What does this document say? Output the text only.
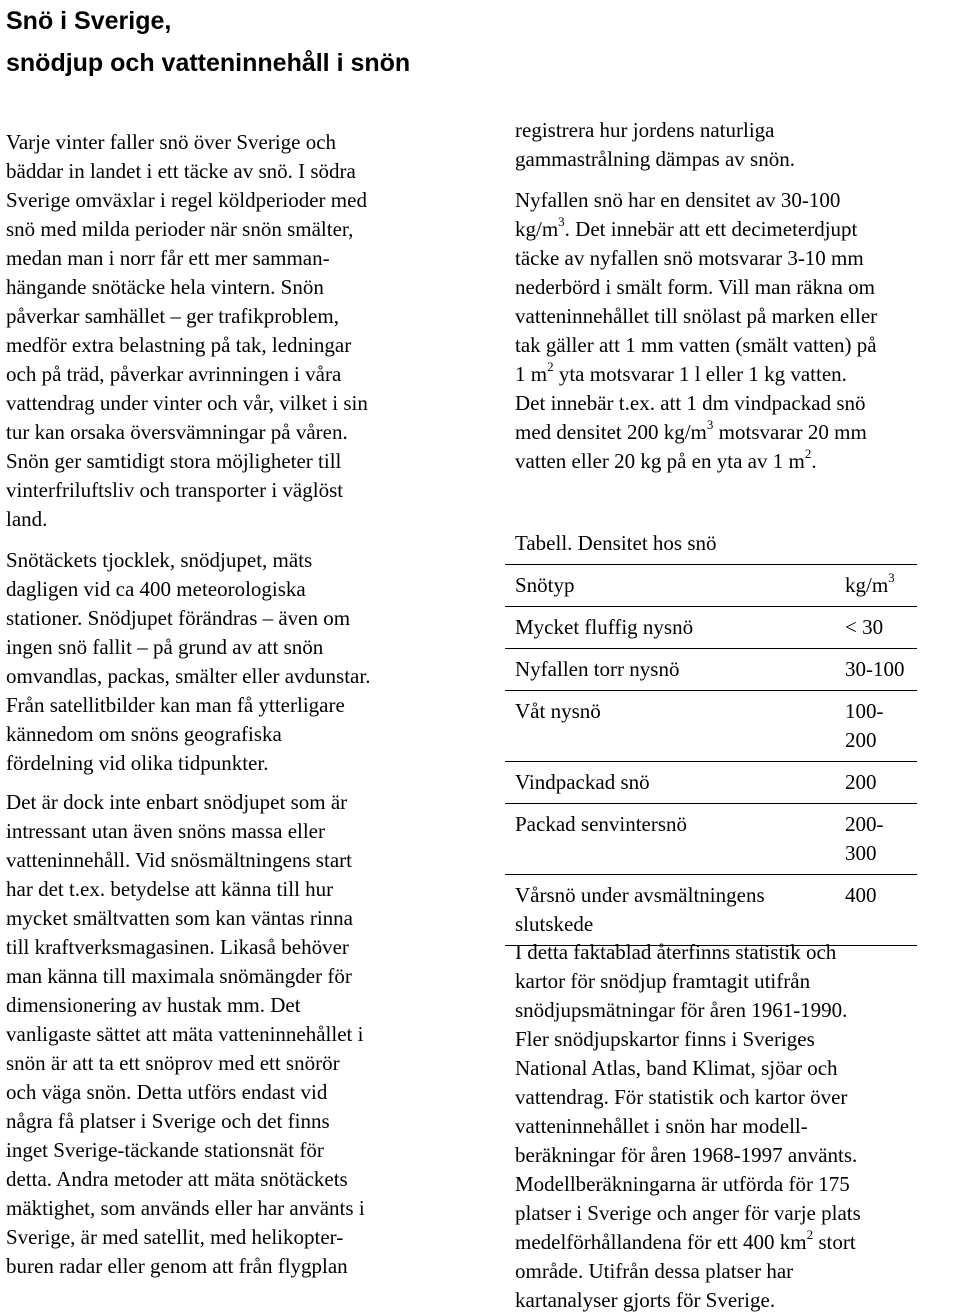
Snö i Sverige,
snödjup och vatteninnehåll i snön

Varje vinter faller snö över Sverige och
bäddar in landet i ett täcke av snö. I södra
Sverige omväxlar i regel köldperioder med
snö med milda perioder när snön smälter,
medan man i norr får ett mer samman-
hängande snötäcke hela vintern. Snön
påverkar samhället – ger trafikproblem,
medför extra belastning på tak, ledningar
och på träd, påverkar avrinningen i våra
vattendrag under vinter och vår, vilket i sin
tur kan orsaka översvämningar på våren.
Snön ger samtidigt stora möjligheter till
vinterfriluftsliv och transporter i väglöst
land.

Snötäckets tjocklek, snödjupet, mäts
dagligen vid ca 400 meteorologiska
stationer. Snödjupet förändras – även om
ingen snö fallit – på grund av att snön
omvandlas, packas, smälter eller avdunstar.
Från satellitbilder kan man få ytterligare
kännedom om snöns geografiska
fördelning vid olika tidpunkter.

Det är dock inte enbart snödjupet som är
intressant utan även snöns massa eller
vatteninnehåll. Vid snösmältningens start
har det t.ex. betydelse att känna till hur
mycket smältvatten som kan väntas rinna
till kraftverksmagasinen. Likaså behöver
man känna till maximala snömängder för
dimensionering av hustak mm. Det
vanligaste sättet att mäta vatteninnehållet i
snön är att ta ett snöprov med ett snörör
och väga snön. Detta utförs endast vid
några få platser i Sverige och det finns
inget Sverige-täckande stationsnät för
detta. Andra metoder att mäta snötäckets
mäktighet, som används eller har använts i
Sverige, är med satellit, med helikopter-
buren radar eller genom att från flygplan

registrera hur jordens naturliga
gammastrålning dämpas av snön.

Nyfallen snö har en densitet av 30-100
$kg/m^3$. Det innebär att ett decimeterdjupt
täcke av nyfallen snö motsvarar 3-10 mm
nederbörd i smält form. Vill man räkna om
vatteninnehållet till snölast på marken eller
tak gäller att 1 mm vatten (smält vatten) på
1 $m^2$ yta motsvarar 1 l eller 1 kg vatten.
Det innebär t.ex. att 1 dm vindpackad snö
med densitet 200 $kg/m^3$ motsvarar 20 mm
vatten eller 20 kg på en yta av 1 $m^2$.

Tabell. Densitet hos snö

I detta faktablad återfinns statistik och
kartor för snödjup framtagit utifrån
snödjupsmätningar för åren 1961-1990.
Fler snödjupskartor finns i Sveriges
National Atlas, band Klimat, sjöar och
vattendrag. För statistik och kartor över
vatteninnehållet i snön har modell-
beräkningar för åren 1968-1997 använts.
Modellberäkningarna är utförda för 175
platser i Sverige och anger för varje plats
medelförhållandena för ett 400 $km^2$ stort
område. Utifrån dessa platser har
kartanalyser gjorts för Sverige.

Snötyp	$kg/m^3$
Mycket fluffig nysnö	< 30
Nyfallen torr nysnö	30-100
Våt nysnö	100-200
Vindpackad snö	200
Packad senvintersnö	200-300
Vårsnö under avsmältningens
slutskede	400
